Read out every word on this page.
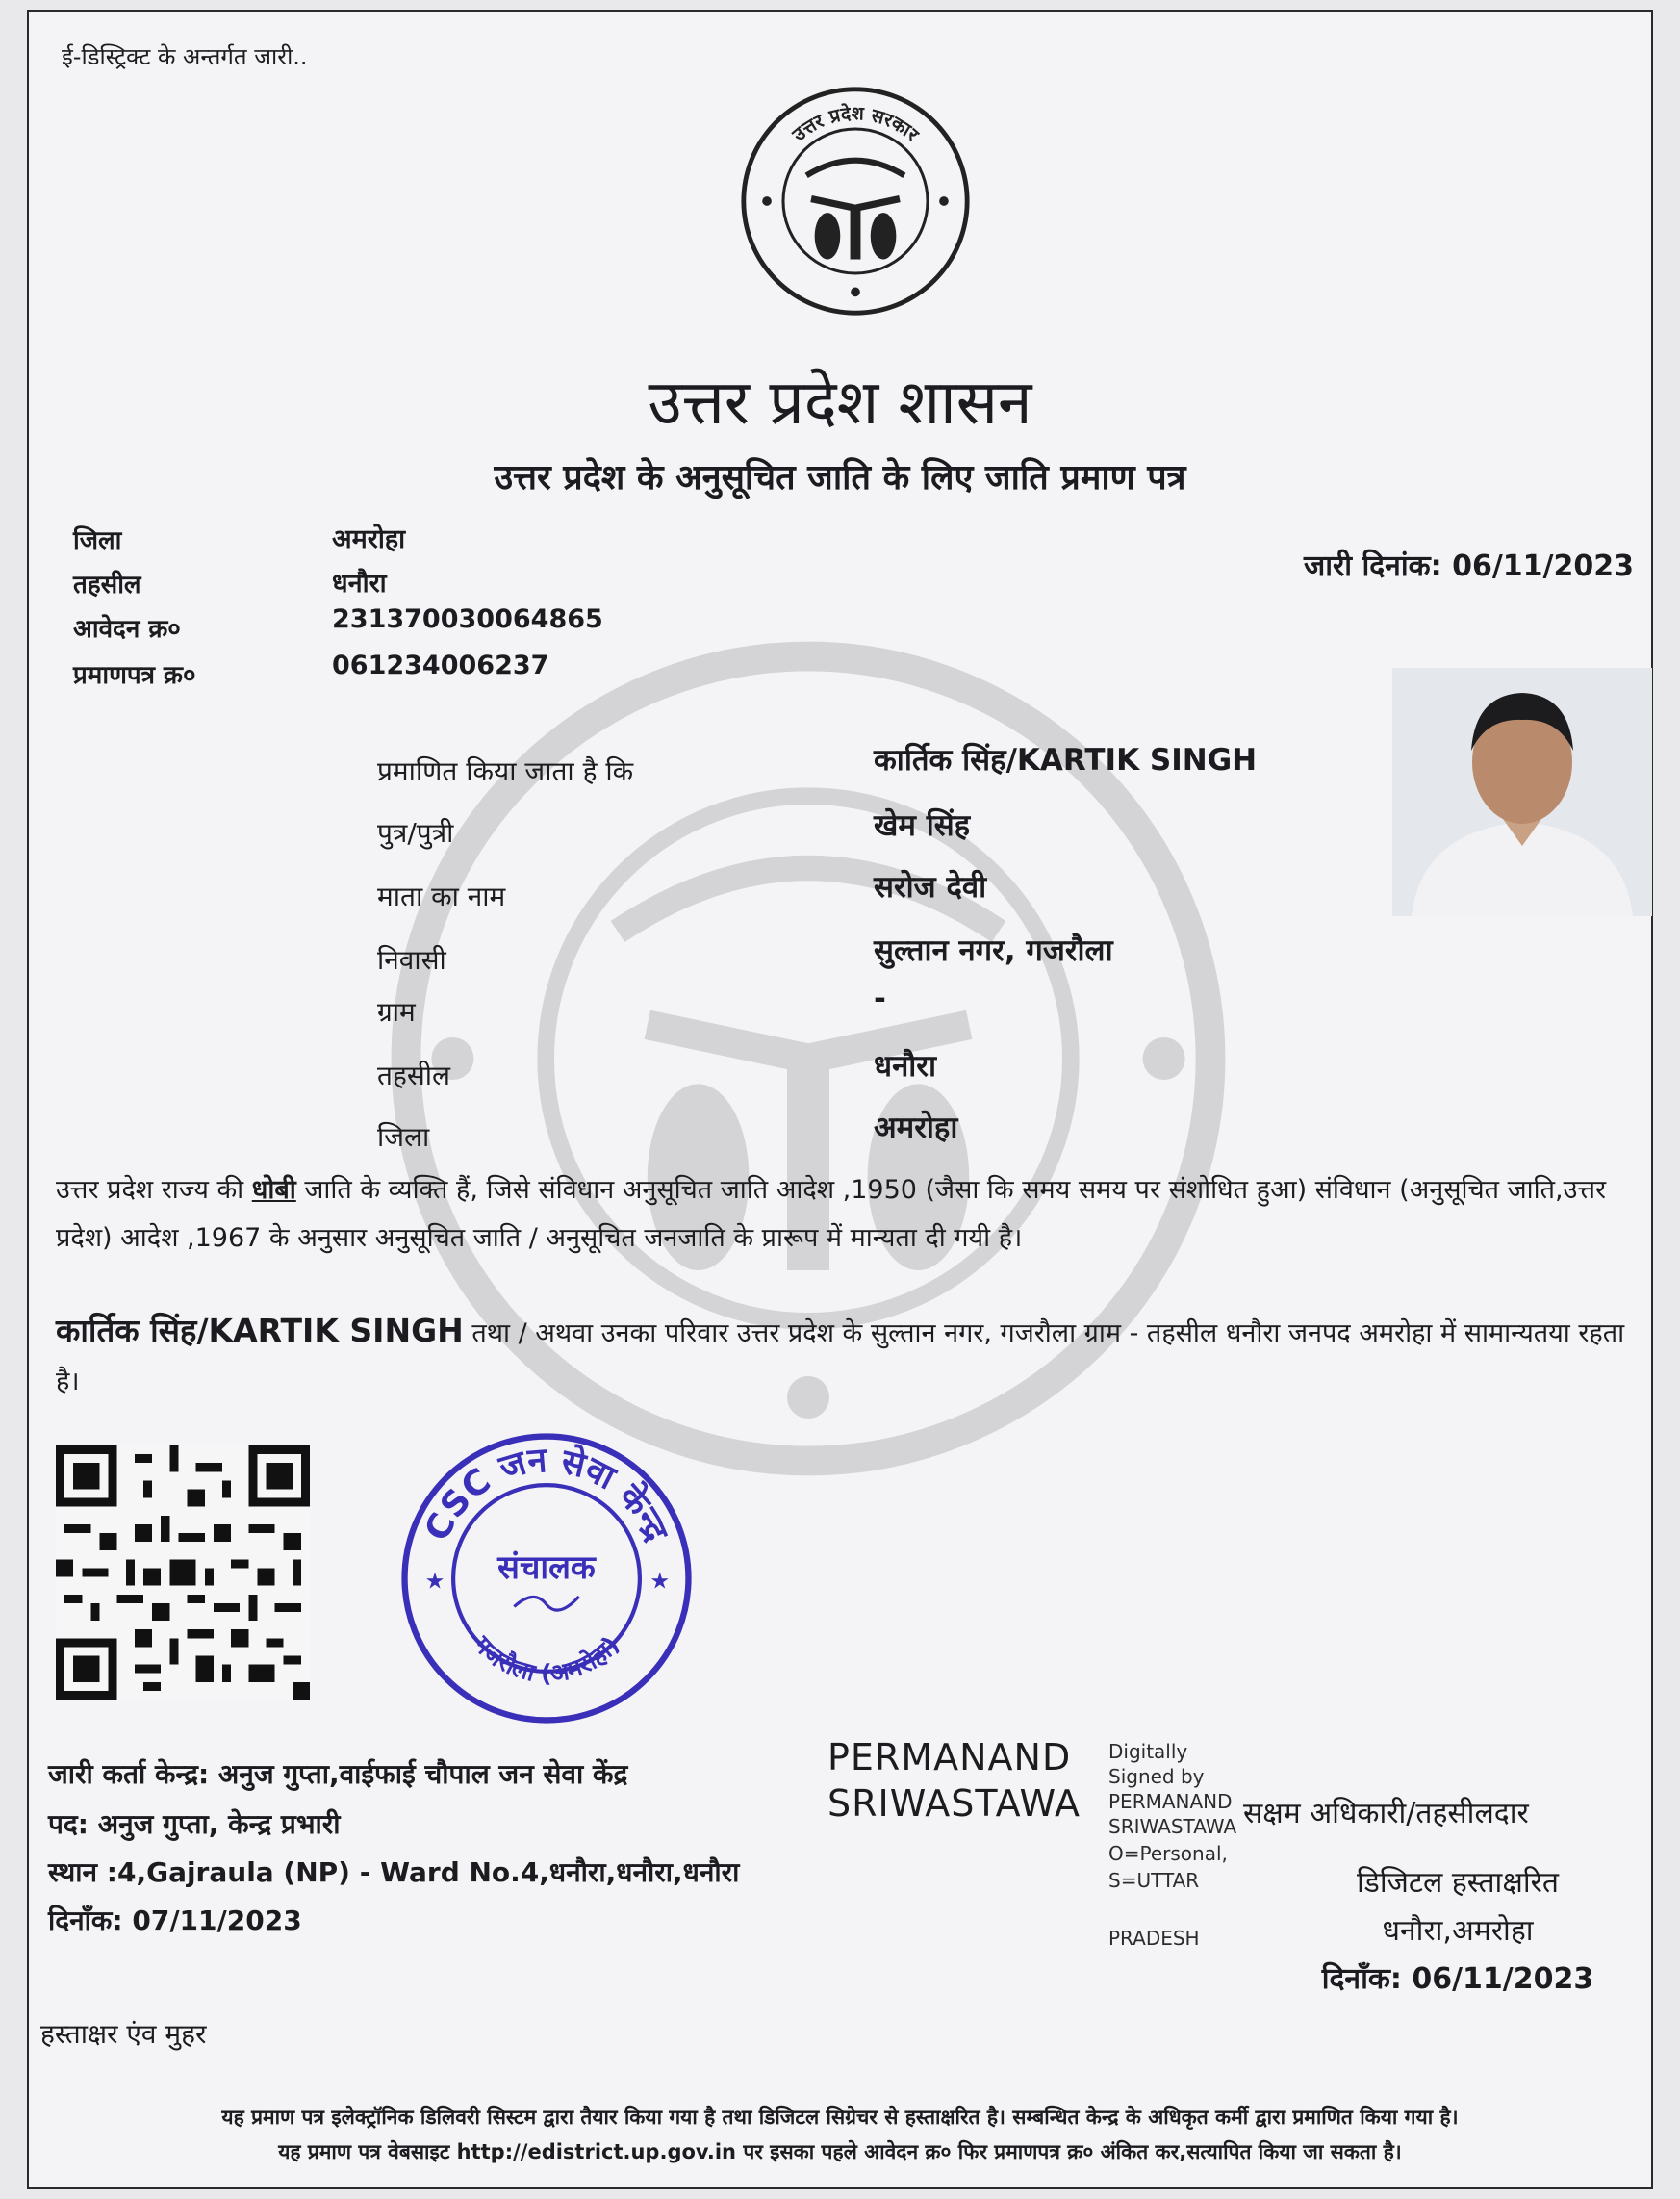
ई-डिस्ट्रिक्ट के अन्तर्गत जारी..
उत्तर प्रदेश सरकार
उत्तर प्रदेश शासन
उत्तर प्रदेश के अनुसूचित जाति के लिए जाति प्रमाण पत्र
जिला	अमरोहा
तहसील	धनौरा
आवेदन क्र०	231370030064865
प्रमाणपत्र क्र०	061234006237
जारी दिनांक: 06/11/2023
प्रमाणित किया जाता है कि	कार्तिक सिंह/KARTIK SINGH
पुत्र/पुत्री	खेम सिंह
माता का नाम	सरोज देवी
निवासी	सुल्तान नगर, गजरौला
ग्राम	-
तहसील	धनौरा
जिला	अमरोहा
उत्तर प्रदेश राज्य की धोबी जाति के व्यक्ति हैं, जिसे संविधान अनुसूचित जाति आदेश ,1950 (जैसा कि समय समय पर संशोधित हुआ) संविधान (अनुसूचित जाति,उत्तर प्रदेश) आदेश ,1967 के अनुसार अनुसूचित जाति / अनुसूचित जनजाति के प्रारूप में मान्यता दी गयी है।
कार्तिक सिंह/KARTIK SINGH तथा / अथवा उनका परिवार उत्तर प्रदेश के सुल्तान नगर, गजरौला ग्राम - तहसील धनौरा जनपद अमरोहा में सामान्यतया रहता है।
CSC जन सेवा केन्द्र
गजरौला (अमरोहा)
संचालक
★	★
जारी कर्ता केन्द्र: अनुज गुप्ता,वाईफाई चौपाल जन सेवा केंद्र
पद: अनुज गुप्ता, केन्द्र प्रभारी
स्थान :4,Gajraula (NP) - Ward No.4,धनौरा,धनौरा,धनौरा
दिनाँक: 07/11/2023
PERMANAND
SRIWASTAWA
Digitally
Signed by
PERMANAND
SRIWASTAWA
O=Personal,
S=UTTAR
PRADESH
सक्षम अधिकारी/तहसीलदार
डिजिटल हस्ताक्षरित
धनौरा,अमरोहा
दिनाँक: 06/11/2023
हस्ताक्षर एंव मुहर
यह प्रमाण पत्र इलेक्ट्रॉनिक डिलिवरी सिस्टम द्वारा तैयार किया गया है तथा डिजिटल सिग्रेचर से हस्ताक्षरित है। सम्बन्धित केन्द्र के अधिकृत कर्मी द्वारा प्रमाणित किया गया है।
यह प्रमाण पत्र वेबसाइट http://edistrict.up.gov.in पर इसका पहले आवेदन क्र० फिर प्रमाणपत्र क्र० अंकित कर,सत्यापित किया जा सकता है।
